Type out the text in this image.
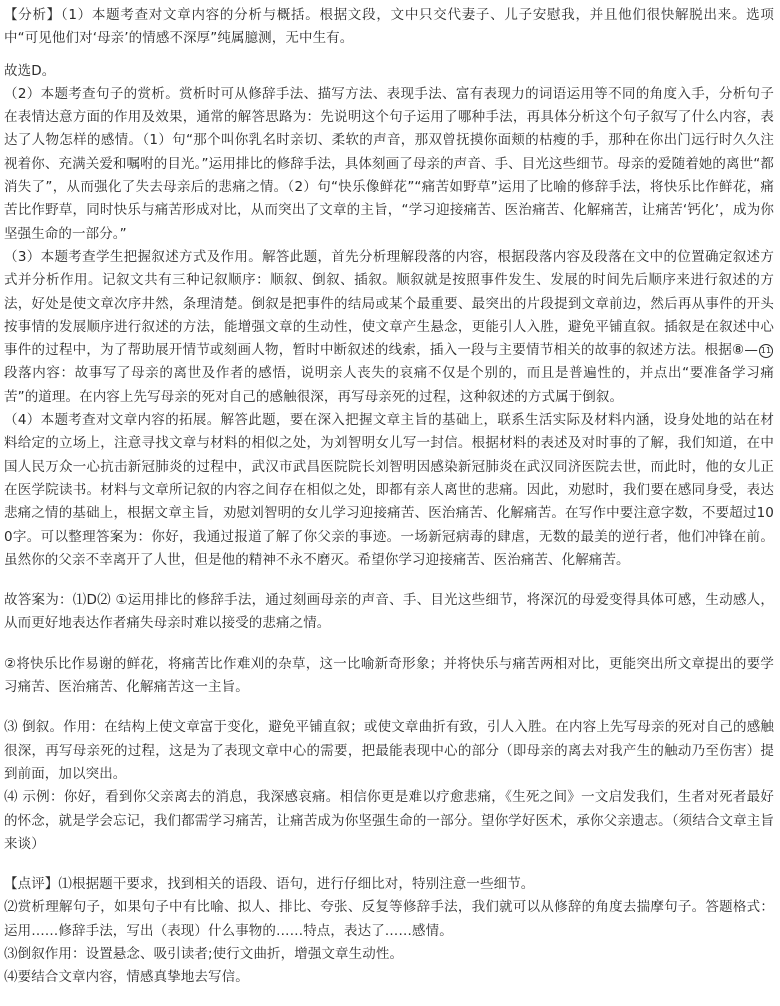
【分析】（1）本题考查对文章内容的分析与概括。根据文段，文中只交代妻子、儿子安慰我，并且他们很快解脱出来。选项中“可见他们对‘母亲’的情感不深厚”纯属臆测，无中生有。

故选D。

（2）本题考查句子的赏析。赏析时可从修辞手法、描写方法、表现手法、富有表现力的词语运用等不同的角度入手，分析句子在表情达意方面的作用及效果，通常的解答思路为：先说明这个句子运用了哪种手法，再具体分析这个句子叙写了什么内容，表达了人物怎样的感情。（1）句“那个叫你乳名时亲切、柔软的声音，那双曾抚摸你面颊的枯瘦的手，那种在你出门远行时久久注视着你、充满关爱和嘱咐的目光。”运用排比的修辞手法，具体刻画了母亲的声音、手、目光这些细节。母亲的爱随着她的离世“都消失了”，从而强化了失去母亲后的悲痛之情。（2）句“快乐像鲜花”“痛苦如野草”运用了比喻的修辞手法，将快乐比作鲜花，痛苦比作野草，同时快乐与痛苦形成对比，从而突出了文章的主旨，“学习迎接痛苦、医治痛苦、化解痛苦，让痛苦‘钙化’，成为你坚强生命的一部分。”

（3）本题考查学生把握叙述方式及作用。解答此题，首先分析理解段落的内容，根据段落内容及段落在文中的位置确定叙述方式并分析作用。记叙文共有三种记叙顺序：顺叙、倒叙、插叙。顺叙就是按照事件发生、发展的时间先后顺序来进行叙述的方法，好处是使文章次序井然，条理清楚。倒叙是把事件的结局或某个最重要、最突出的片段提到文章前边，然后再从事件的开头按事情的发展顺序进行叙述的方法，能增强文章的生动性，使文章产生悬念，更能引人入胜，避免平铺直叙。插叙是在叙述中心事件的过程中，为了帮助展开情节或刻画人物，暂时中断叙述的线索，插入一段与主要情节相关的故事的叙述方法。根据⑧— 11段落内容：故事写了母亲的离世及作者的感悟，说明亲人丧失的哀痛不仅是个别的，而且是普遍性的，并点出“要准备学习痛苦”的道理。在内容上先写母亲的死对自己的感触很深，再写母亲死的过程，这种叙述的方式属于倒叙。

（4）本题考查对文章内容的拓展。解答此题，要在深入把握文章主旨的基础上，联系生活实际及材料内涵，设身处地的站在材料给定的立场上，注意寻找文章与材料的相似之处，为刘智明女儿写一封信。根据材料的表述及对时事的了解，我们知道，在中国人民万众一心抗击新冠肺炎的过程中，武汉市武昌医院院长刘智明因感染新冠肺炎在武汉同济医院去世，而此时，他的女儿正在医学院读书。材料与文章所记叙的内容之间存在相似之处，即都有亲人离世的悲痛。因此，劝慰时，我们要在感同身受，表达悲痛之情的基础上，根据文章主旨，劝慰刘智明的女儿学习迎接痛苦、医治痛苦、化解痛苦。在写作中要注意字数，不要超过100字。可以整理答案为：你好，我通过报道了解了你父亲的事迹。一场新冠病毒的肆虐，无数的最美的逆行者，他们冲锋在前。虽然你的父亲不幸离开了人世，但是他的精神不永不磨灭。希望你学习迎接痛苦、医治痛苦、化解痛苦。

故答案为：⑴D⑵ ①运用排比的修辞手法，通过刻画母亲的声音、手、目光这些细节，将深沉的母爱变得具体可感，生动感人，从而更好地表达作者痛失母亲时难以接受的悲痛之情。

②将快乐比作易谢的鲜花，将痛苦比作难刈的杂草，这一比喻新奇形象；并将快乐与痛苦两相对比，更能突出所文章提出的要学习痛苦、医治痛苦、化解痛苦这一主旨。

⑶ 倒叙。作用：在结构上使文章富于变化，避免平铺直叙；或使文章曲折有致，引人入胜。在内容上先写母亲的死对自己的感触很深，再写母亲死的过程，这是为了表现文章中心的需要，把最能表现中心的部分（即母亲的离去对我产生的触动乃至伤害）提到前面，加以突出。

⑷ 示例：你好，看到你父亲离去的消息，我深感哀痛。相信你更是难以疗愈悲痛，《生死之间》一文启发我们，生者对死者最好的怀念，就是学会忘记，我们都需学习痛苦，让痛苦成为你坚强生命的一部分。望你学好医术，承你父亲遗志。（须结合文章主旨来谈）

【点评】⑴根据题干要求，找到相关的语段、语句，进行仔细比对，特别注意一些细节。

⑵赏析理解句子，如果句子中有比喻、拟人、排比、夸张、反复等修辞手法，我们就可以从修辞的角度去揣摩句子。答题格式：运用……修辞手法，写出（表现）什么事物的……特点，表达了……感情。

⑶倒叙作用：设置悬念、吸引读者;使行文曲折，增强文章生动性。

⑷要结合文章内容，情感真挚地去写信。
